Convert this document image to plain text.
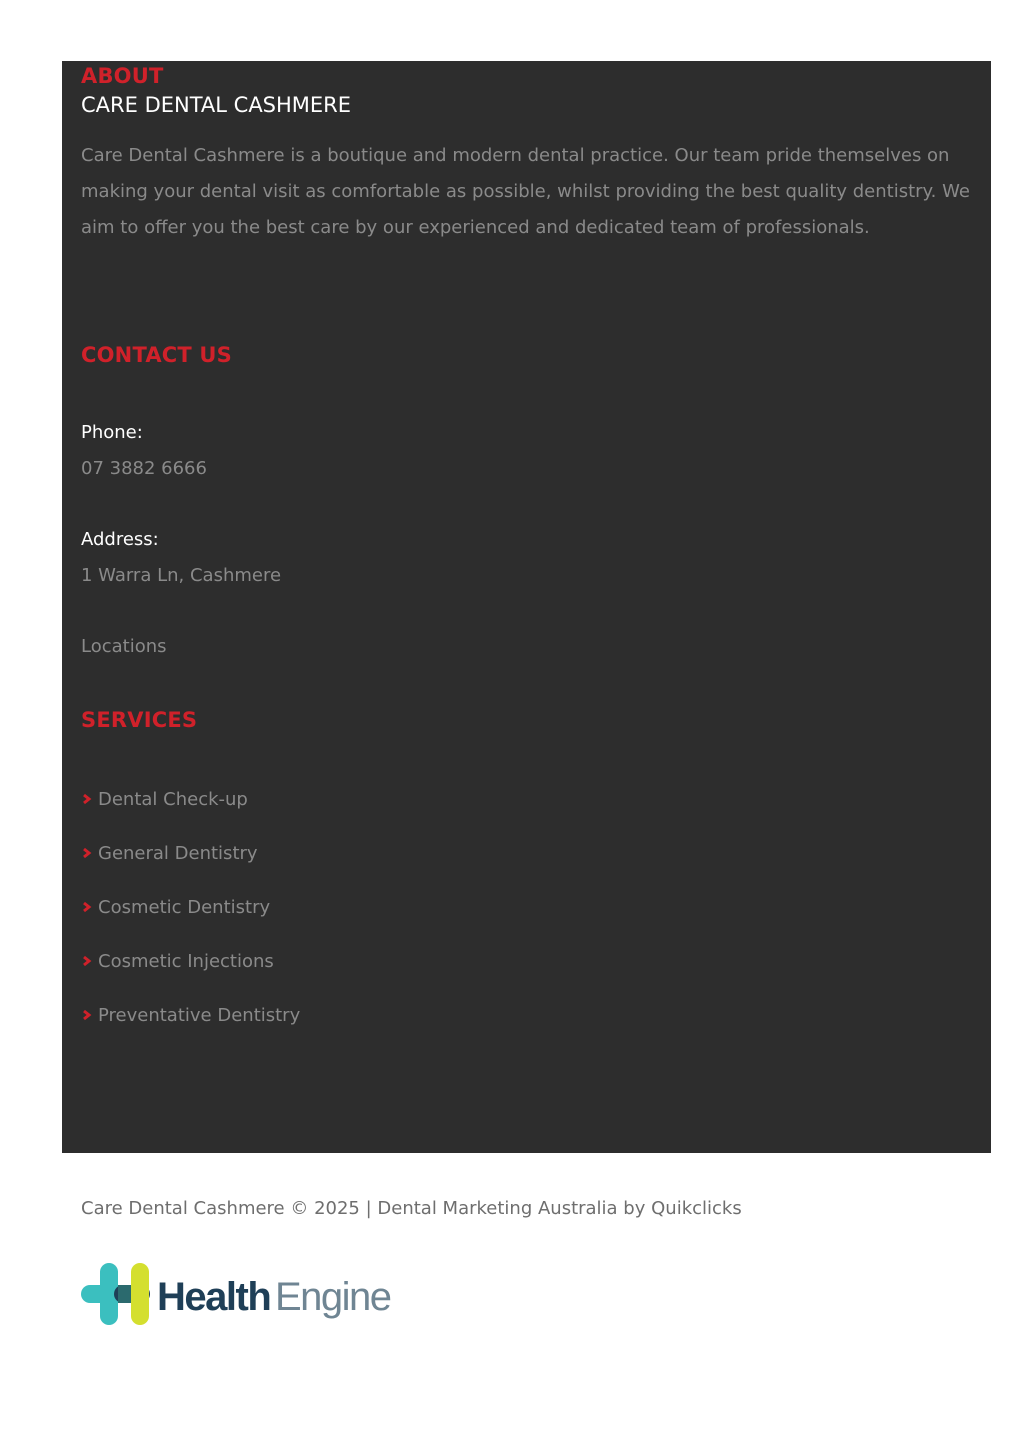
ABOUT
CARE DENTAL CASHMERE
Care Dental Cashmere is a boutique and modern dental practice. Our team pride themselves on making your dental visit as comfortable as possible, whilst providing the best quality dentistry. We aim to offer you the best care by our experienced and dedicated team of professionals.
CONTACT US
Phone:
07 3882 6666
Address:
1 Warra Ln, Cashmere
Locations
SERVICES
Dental Check-up
General Dentistry
Cosmetic Dentistry
Cosmetic Injections
Preventative Dentistry
Care Dental Cashmere © 2025 | Dental Marketing Australia by Quikclicks
Health Engine
